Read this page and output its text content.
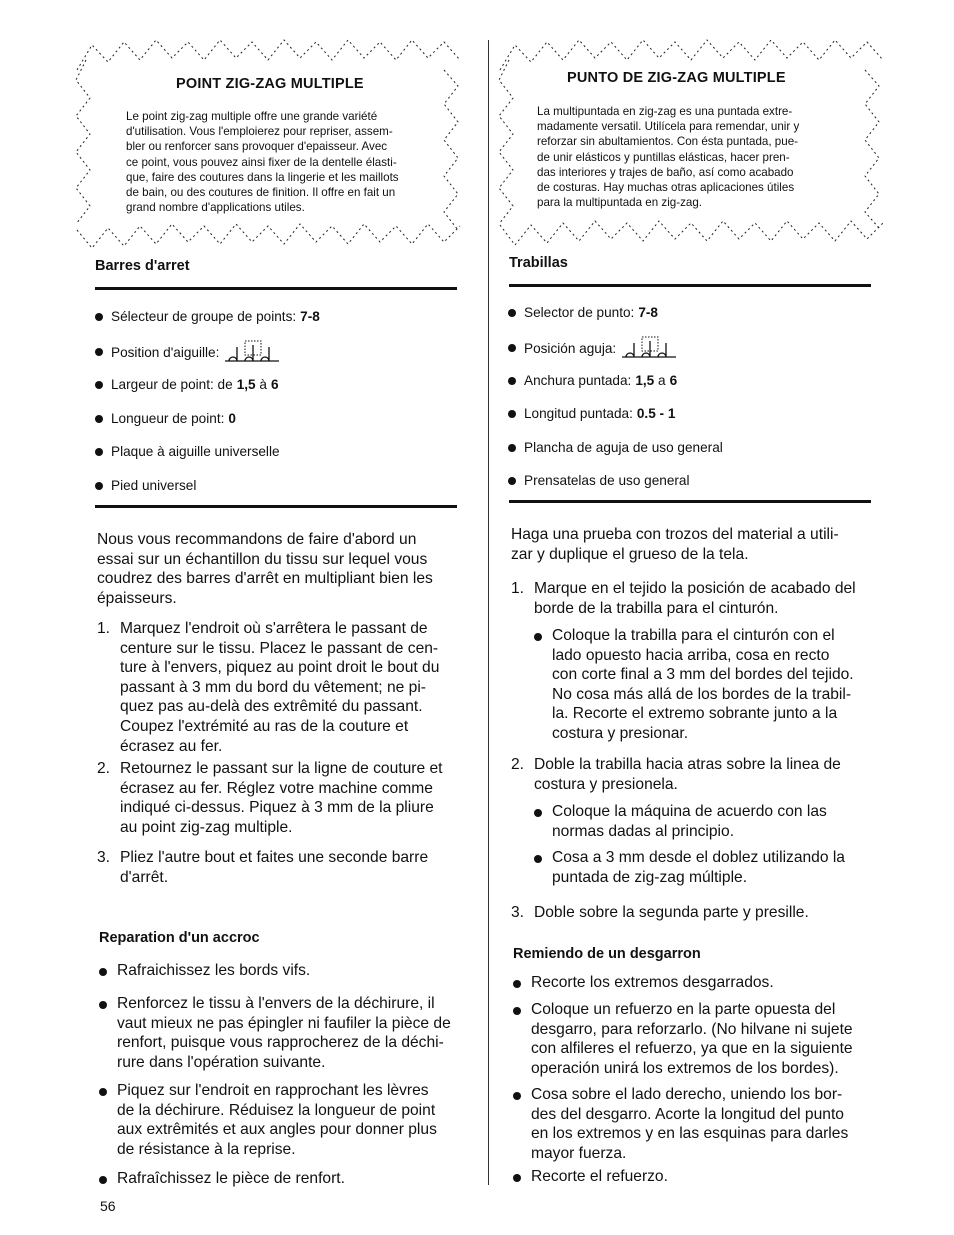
POINT ZIG-ZAG MULTIPLE
Le point zig-zag multiple offre une grande variété
d'utilisation. Vous l'emploierez pour repriser, assem-
bler ou renforcer sans provoquer d'epaisseur. Avec
ce point, vous pouvez ainsi fixer de la dentelle élasti-
que, faire des coutures dans la lingerie et les maillots
de bain, ou des coutures de finition. Il offre en fait un
grand nombre d'applications utiles.
Barres d'arret
Sélecteur de groupe de points: 7-8
Position d'aiguille:
Largeur de point: de 1,5
à 6
Longueur de point: 0
Plaque à aiguille universelle
Pied universel
Nous vous recommandons de faire d'abord un
essai sur un échantillon du tissu sur lequel vous
coudrez des barres d'arrêt en multipliant bien les
épaisseurs.
1. Marquez l'endroit où s'arrêtera le passant de
centure sur le tissu. Placez le passant de cen-
ture à l'envers, piquez au point droit le bout du
passant à 3 mm du bord du vêtement; ne pi-
quez pas au-delà des extrêmité du passant.
Coupez l'extrémité au ras de la couture et
écrasez au fer.
2. Retournez le passant sur la ligne de couture et
écrasez au fer. Réglez votre machine comme
indiqué ci-dessus. Piquez à 3 mm de la pliure
au point zig-zag multiple.
3. Pliez l'autre bout et faites une seconde barre
d'arrêt.
Reparation d'un accroc
Rafraichissez les bords vifs.
Renforcez le tissu à l'envers de la déchirure, il
vaut mieux ne pas épingler ni faufiler la pièce de
renfort, puisque vous rapprocherez de la déchi-
rure dans l'opération suivante.
Piquez sur l'endroit en rapprochant les lèvres
de la déchirure. Réduisez la longueur de point
aux extrêmités et aux angles pour donner plus
de résistance à la reprise.
Rafraîchissez le pièce de renfort.
56
PUNTO DE ZIG-ZAG MULTIPLE
La multipuntada en zig-zag es una puntada extre-
madamente versatil. Utilícela para remendar, unir y
reforzar sin abultamientos. Con ésta puntada, pue-
de unir elásticos y puntillas elásticas, hacer pren-
das interiores y trajes de baño, así como acabado
de costuras. Hay muchas otras aplicaciones útiles
para la multipuntada en zig-zag.
Trabillas
Selector de punto: 7-8
Posición aguja:
Anchura puntada: 1,5
a 6
Longitud puntada: 0.5 - 1
Plancha de aguja de uso general
Prensatelas de uso general
Haga una prueba con trozos del material a utili-
zar y duplique el grueso de la tela.
1. Marque en el tejido la posición de acabado del
borde de la trabilla para el cinturón.
Coloque la trabilla para el cinturón con el
lado opuesto hacia arriba, cosa en recto
con corte final a 3 mm del bordes del tejido.
No cosa más allá de los bordes de la trabil-
la. Recorte el extremo sobrante junto a la
costura y presionar.
2. Doble la trabilla hacia atras sobre la linea de
costura y presionela.
Coloque la máquina de acuerdo con las
normas dadas al principio.
Cosa a 3 mm desde el doblez utilizando la
puntada de zig-zag múltiple.
3. Doble sobre la segunda parte y presille.
Remiendo de un desgarron
Recorte los extremos desgarrados.
Coloque un refuerzo en la parte opuesta del
desgarro, para reforzarlo. (No hilvane ni sujete
con alfileres el refuerzo, ya que en la siguiente
operación unirá los extremos de los bordes).
Cosa sobre el lado derecho, uniendo los bor-
des del desgarro. Acorte la longitud del punto
en los extremos y en las esquinas para darles
mayor fuerza.
Recorte el refuerzo.
